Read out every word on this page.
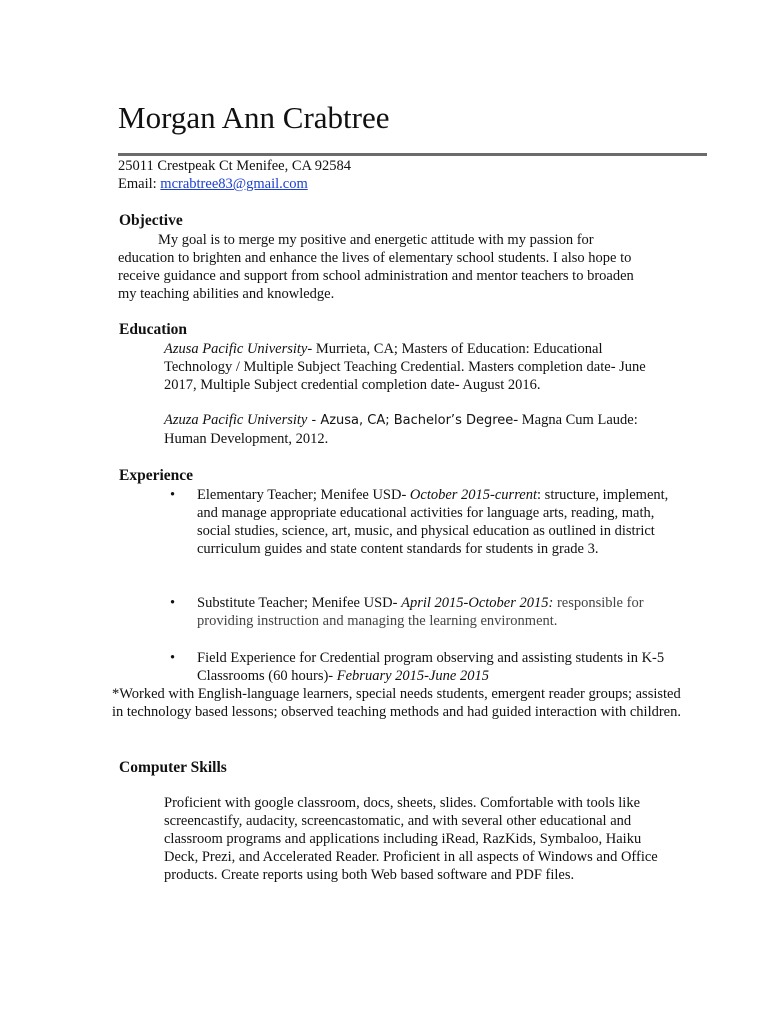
Morgan Ann Crabtree
25011 Crestpeak Ct Menifee, CA 92584
Email: mcrabtree83@gmail.com
Objective
My goal is to merge my positive and energetic attitude with my passion for education to brighten and enhance the lives of elementary school students. I also hope to receive guidance and support from school administration and mentor teachers to broaden my teaching abilities and knowledge.
Education
Azusa Pacific University- Murrieta, CA; Masters of Education: Educational Technology / Multiple Subject Teaching Credential. Masters completion date- June 2017, Multiple Subject credential completion date- August 2016.
Azuza Pacific University - Azusa, CA; Bachelor’s Degree- Magna Cum Laude: Human Development, 2012.
Experience
•	Elementary Teacher; Menifee USD- October 2015-current: structure, implement, and manage appropriate educational activities for language arts, reading, math, social studies, science, art, music, and physical education as outlined in district curriculum guides and state content standards for students in grade 3.
•	Substitute Teacher; Menifee USD- April 2015-October 2015: responsible for providing instruction and managing the learning environment.
•	Field Experience for Credential program observing and assisting students in K-5 Classrooms (60 hours)- February 2015-June 2015
*Worked with English-language learners, special needs students, emergent reader groups; assisted in technology based lessons; observed teaching methods and had guided interaction with children.
Computer Skills
Proficient with google classroom, docs, sheets, slides. Comfortable with tools like screencastify, audacity, screencastomatic, and with several other educational and classroom programs and applications including iRead, RazKids, Symbaloo, Haiku Deck, Prezi, and Accelerated Reader. Proficient in all aspects of Windows and Office products. Create reports using both Web based software and PDF files.
